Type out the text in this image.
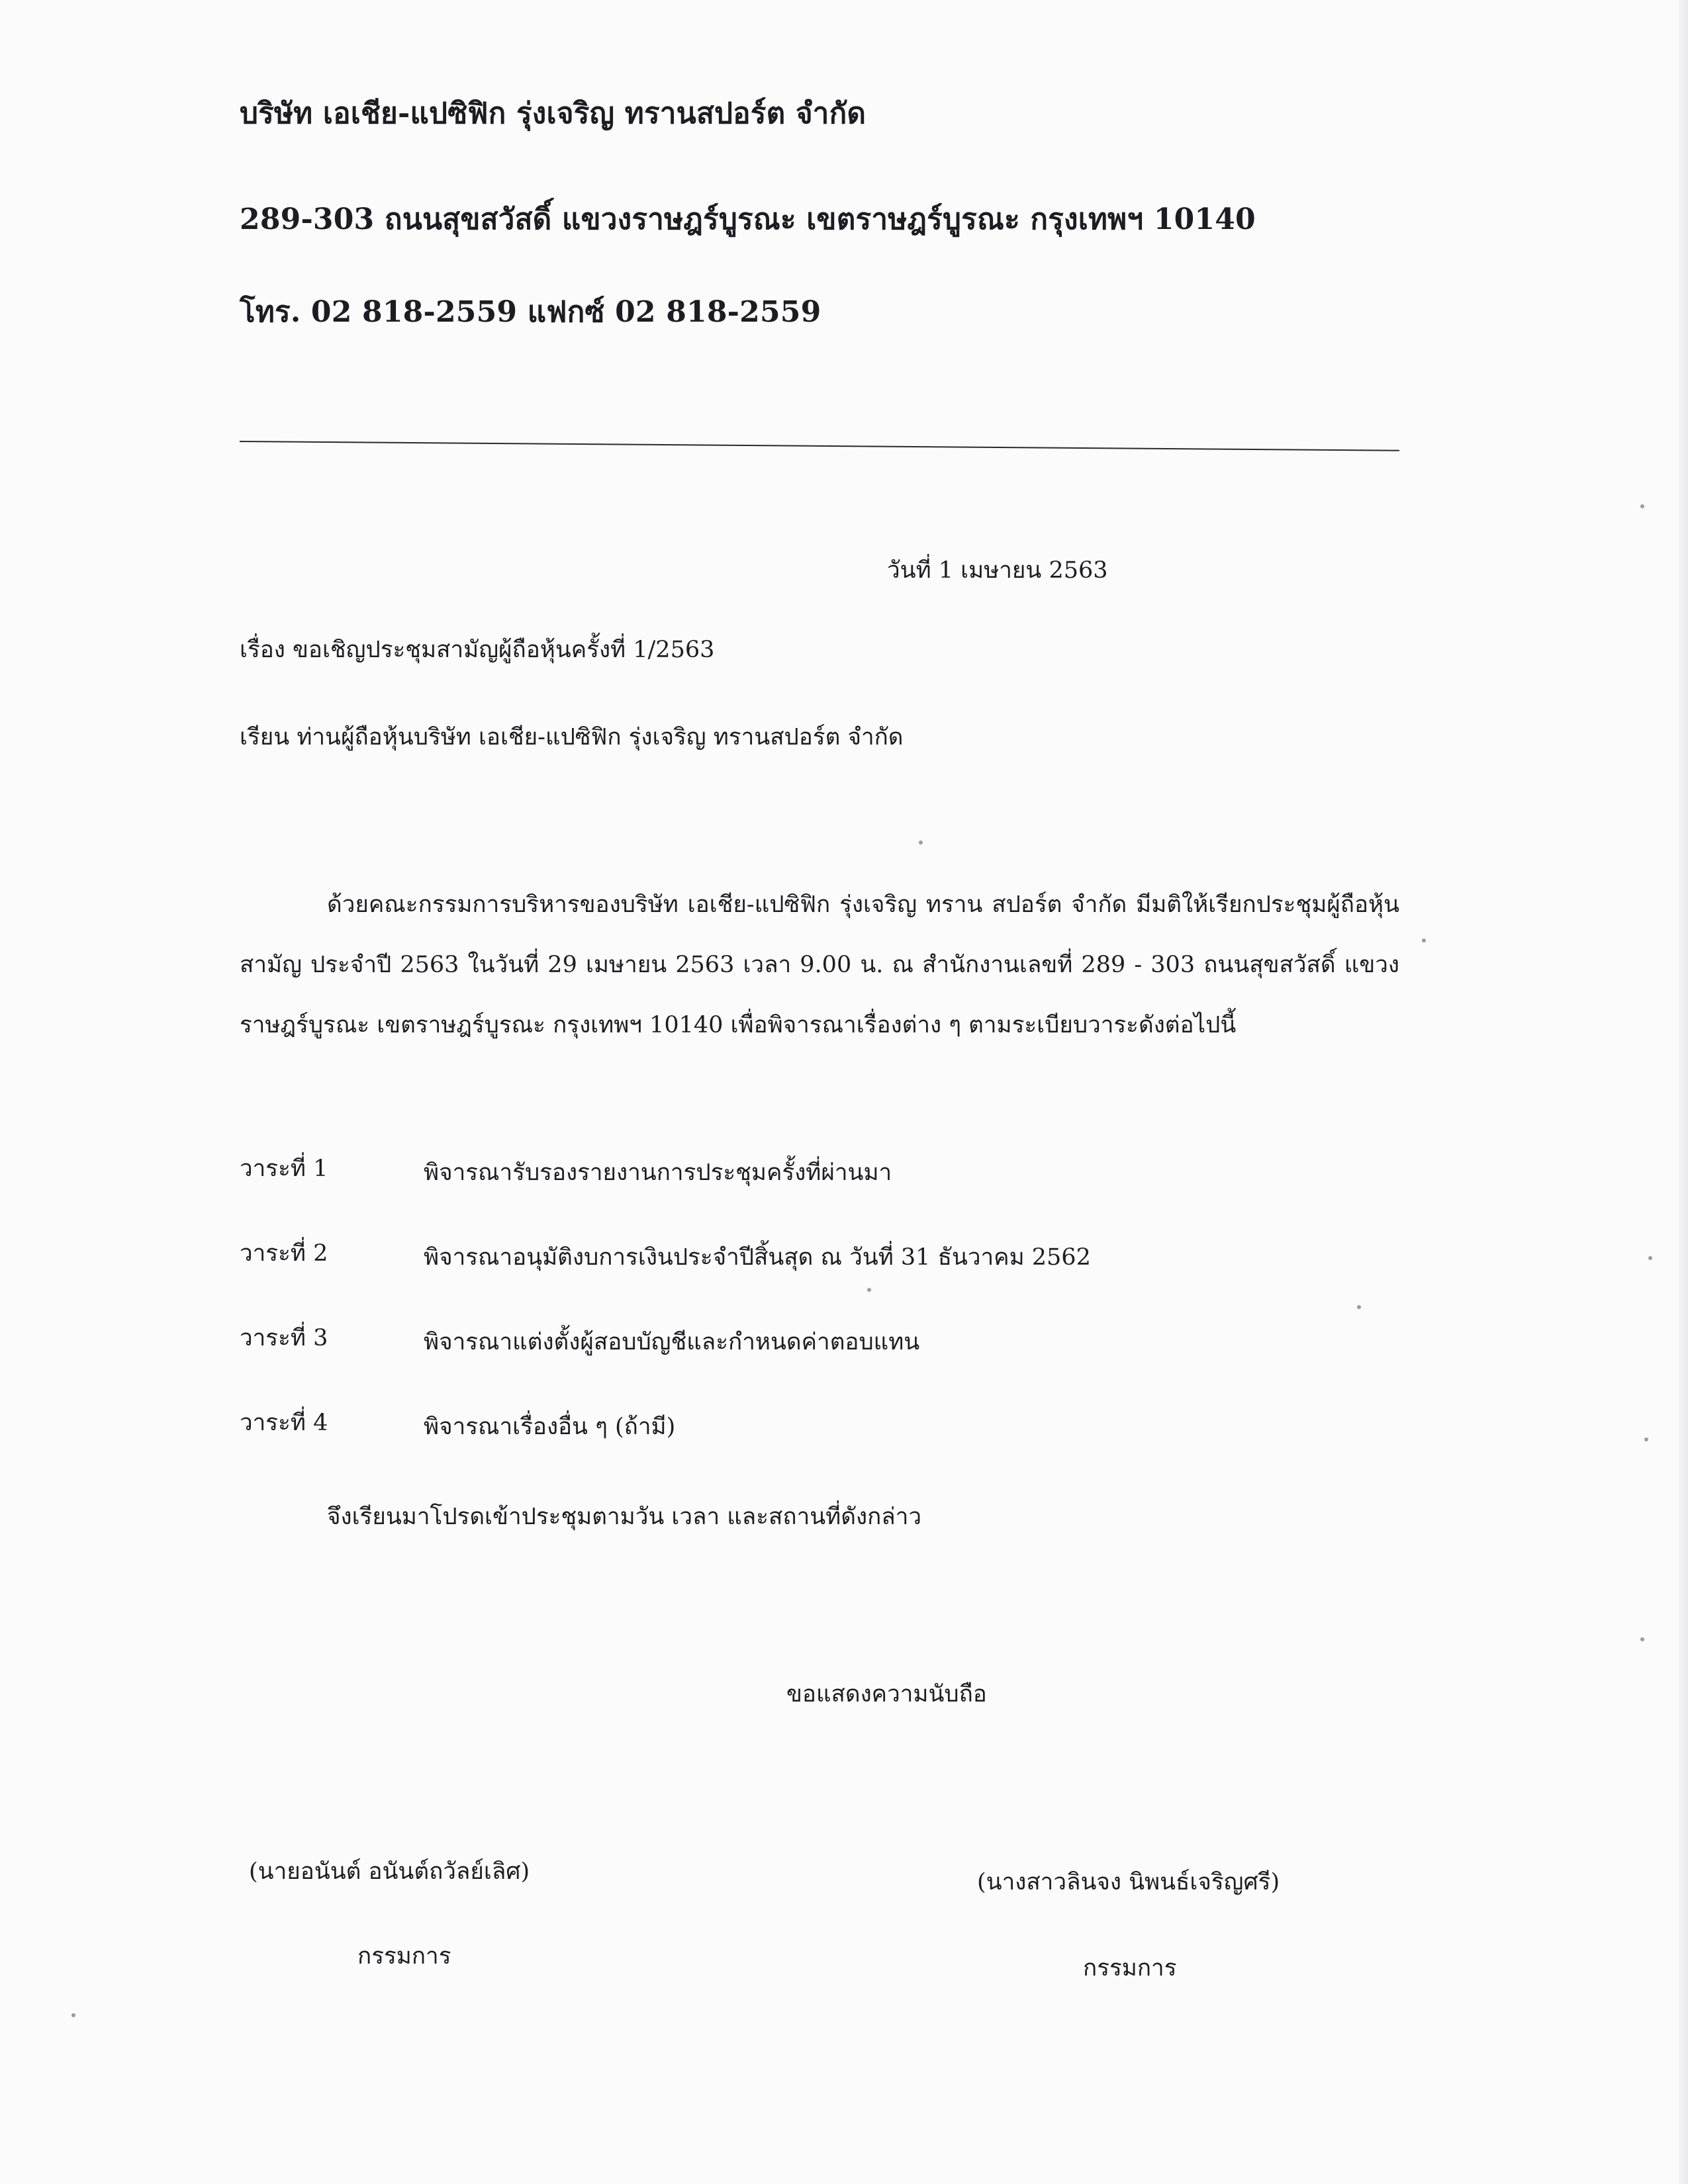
บริษัท เอเชีย-แปซิฟิก รุ่งเจริญ ทรานสปอร์ต จำกัด
289-303 ถนนสุขสวัสดิ์ แขวงราษฎร์บูรณะ เขตราษฎร์บูรณะ กรุงเทพฯ 10140
โทร. 02 818-2559 แฟกซ์ 02 818-2559
วันที่ 1 เมษายน 2563
เรื่อง ขอเชิญประชุมสามัญผู้ถือหุ้นครั้งที่ 1/2563
เรียน ท่านผู้ถือหุ้นบริษัท เอเชีย-แปซิฟิก รุ่งเจริญ ทรานสปอร์ต จำกัด
ด้วยคณะกรรมการบริหารของบริษัท เอเชีย-แปซิฟิก รุ่งเจริญ ทราน สปอร์ต จำกัด มีมติให้เรียกประชุมผู้ถือหุ้นสามัญ ประจำปี 2563 ในวันที่ 29 เมษายน 2563 เวลา 9.00 น. ณ สำนักงานเลขที่ 289 - 303 ถนนสุขสวัสดิ์ แขวงราษฎร์บูรณะ เขตราษฎร์บูรณะ กรุงเทพฯ 10140 เพื่อพิจารณาเรื่องต่าง ๆ ตามระเบียบวาระดังต่อไปนี้
วาระที่ 1	พิจารณารับรองรายงานการประชุมครั้งที่ผ่านมา
วาระที่ 2	พิจารณาอนุมัติงบการเงินประจำปีสิ้นสุด ณ วันที่ 31 ธันวาคม 2562
วาระที่ 3	พิจารณาแต่งตั้งผู้สอบบัญชีและกำหนดค่าตอบแทน
วาระที่ 4	พิจารณาเรื่องอื่น ๆ (ถ้ามี)
จึงเรียนมาโปรดเข้าประชุมตามวัน เวลา และสถานที่ดังกล่าว
ขอแสดงความนับถือ
(นายอนันต์ อนันต์ถวัลย์เลิศ)
กรรมการ
(นางสาวลินจง นิพนธ์เจริญศรี)
กรรมการ
